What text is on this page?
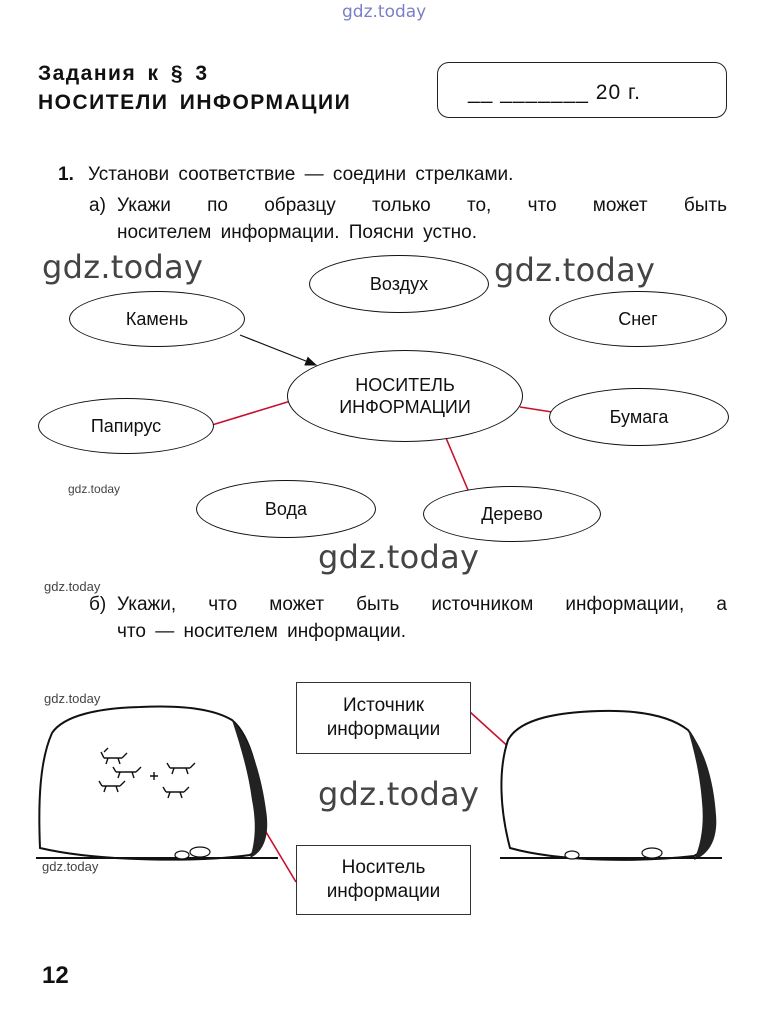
gdz.today
Задания к § 3
НОСИТЕЛИ ИНФОРМАЦИИ	__ _______ 20 г.
1. Установи соответствие — соедини стрелками.
а) Укажи по образцу только то, что может быть
носителем информации. Поясни устно.
Камень
Воздух
Снег
НОСИТЕЛЬ
ИНФОРМАЦИИ
Папирус	Бумага
Вода	Дерево
gdz.today	gdz.today
gdz.today
gdz.today
gdz.today
gdz.today
gdz.today
gdz.today
б) Укажи, что может быть источником информации, а
что — носителем информации.
Источник
информации
Носитель
информации
12
